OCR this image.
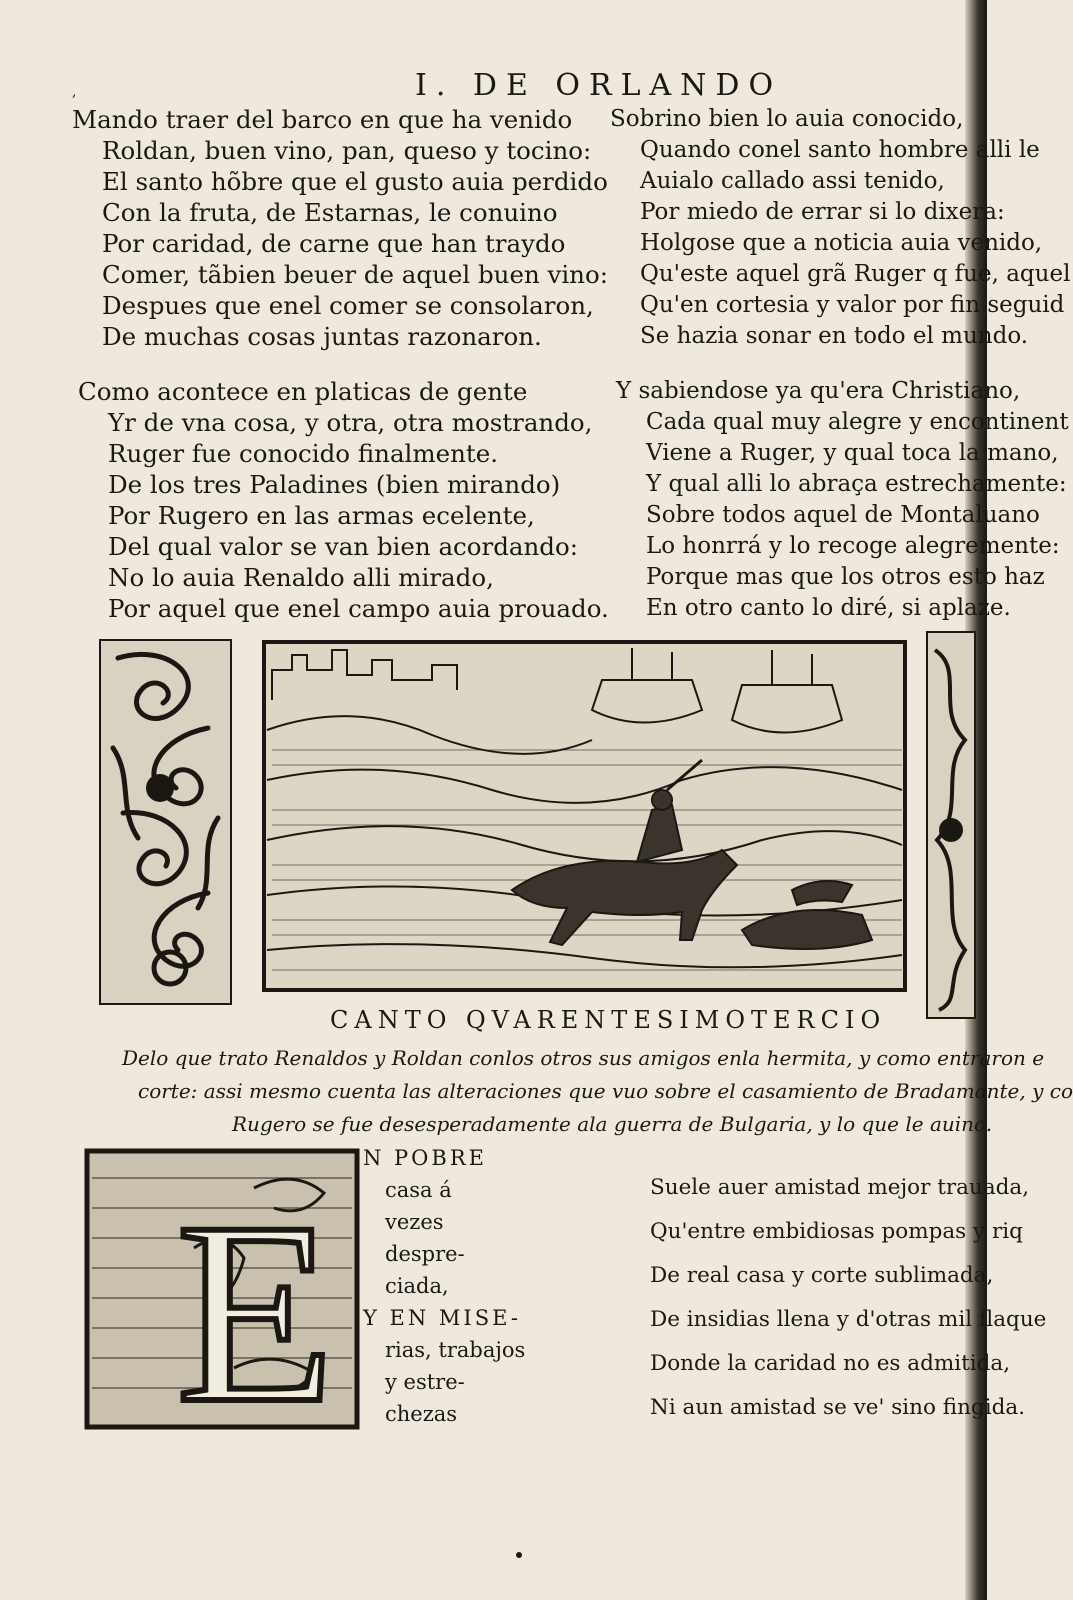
,	I. DE ORLANDO
Mando traer del barco en que ha venido
Roldan, buen vino, pan, queso y tocino:
El santo hõbre que el gusto auia perdido
Con la fruta, de Estarnas, le conuino
Por caridad, de carne que han traydo
Comer, tãbien beuer de aquel buen vino:
Despues que enel comer se consolaron,
De muchas cosas juntas razonaron.
Sobrino bien lo auia conocido,
Quando conel santo hombre alli le
Auialo callado assi tenido,
Por miedo de errar si lo dixera:
Holgose que a noticia auia venido,
Qu'este aquel grã Ruger q fue, aquel
Qu'en cortesia y valor por fin seguid
Se hazia sonar en todo el mundo.
Como acontece en platicas de gente
Yr de vna cosa, y otra, otra mostrando,
Ruger fue conocido finalmente.
De los tres Paladines (bien mirando)
Por Rugero en las armas ecelente,
Del qual valor se van bien acordando:
No lo auia Renaldo alli mirado,
Por aquel que enel campo auia prouado.
Y sabiendose ya qu'era Christiano,
Cada qual muy alegre y encontinent
Viene a Ruger, y qual toca la mano,
Y qual alli lo abraça estrechamente:
Sobre todos aquel de Montaluano
Lo honrrá y lo recoge alegremente:
Porque mas que los otros esto haz
En otro canto lo diré, si aplaze.
CANTO QVARENTESIMOTERCIO
Delo que trato Renaldos y Roldan conlos otros sus amigos enla hermita, y como entraron e
corte: assi mesmo cuenta las alteraciones que vuo sobre el casamiento de Bradamante, y co
Rugero se fue desesperadamente ala guerra de Bulgaria, y lo que le auino.
E
N POBRE
casa á
vezes
despre-
ciada,
Y EN MISE-
rias, trabajos
y estre-
chezas
Suele auer amistad mejor trauada,
Qu'entre embidiosas pompas y riq
De real casa y corte sublimada,
De insidias llena y d'otras mil flaque
Donde la caridad no es admitida,
Ni aun amistad se ve' sino fingida.
